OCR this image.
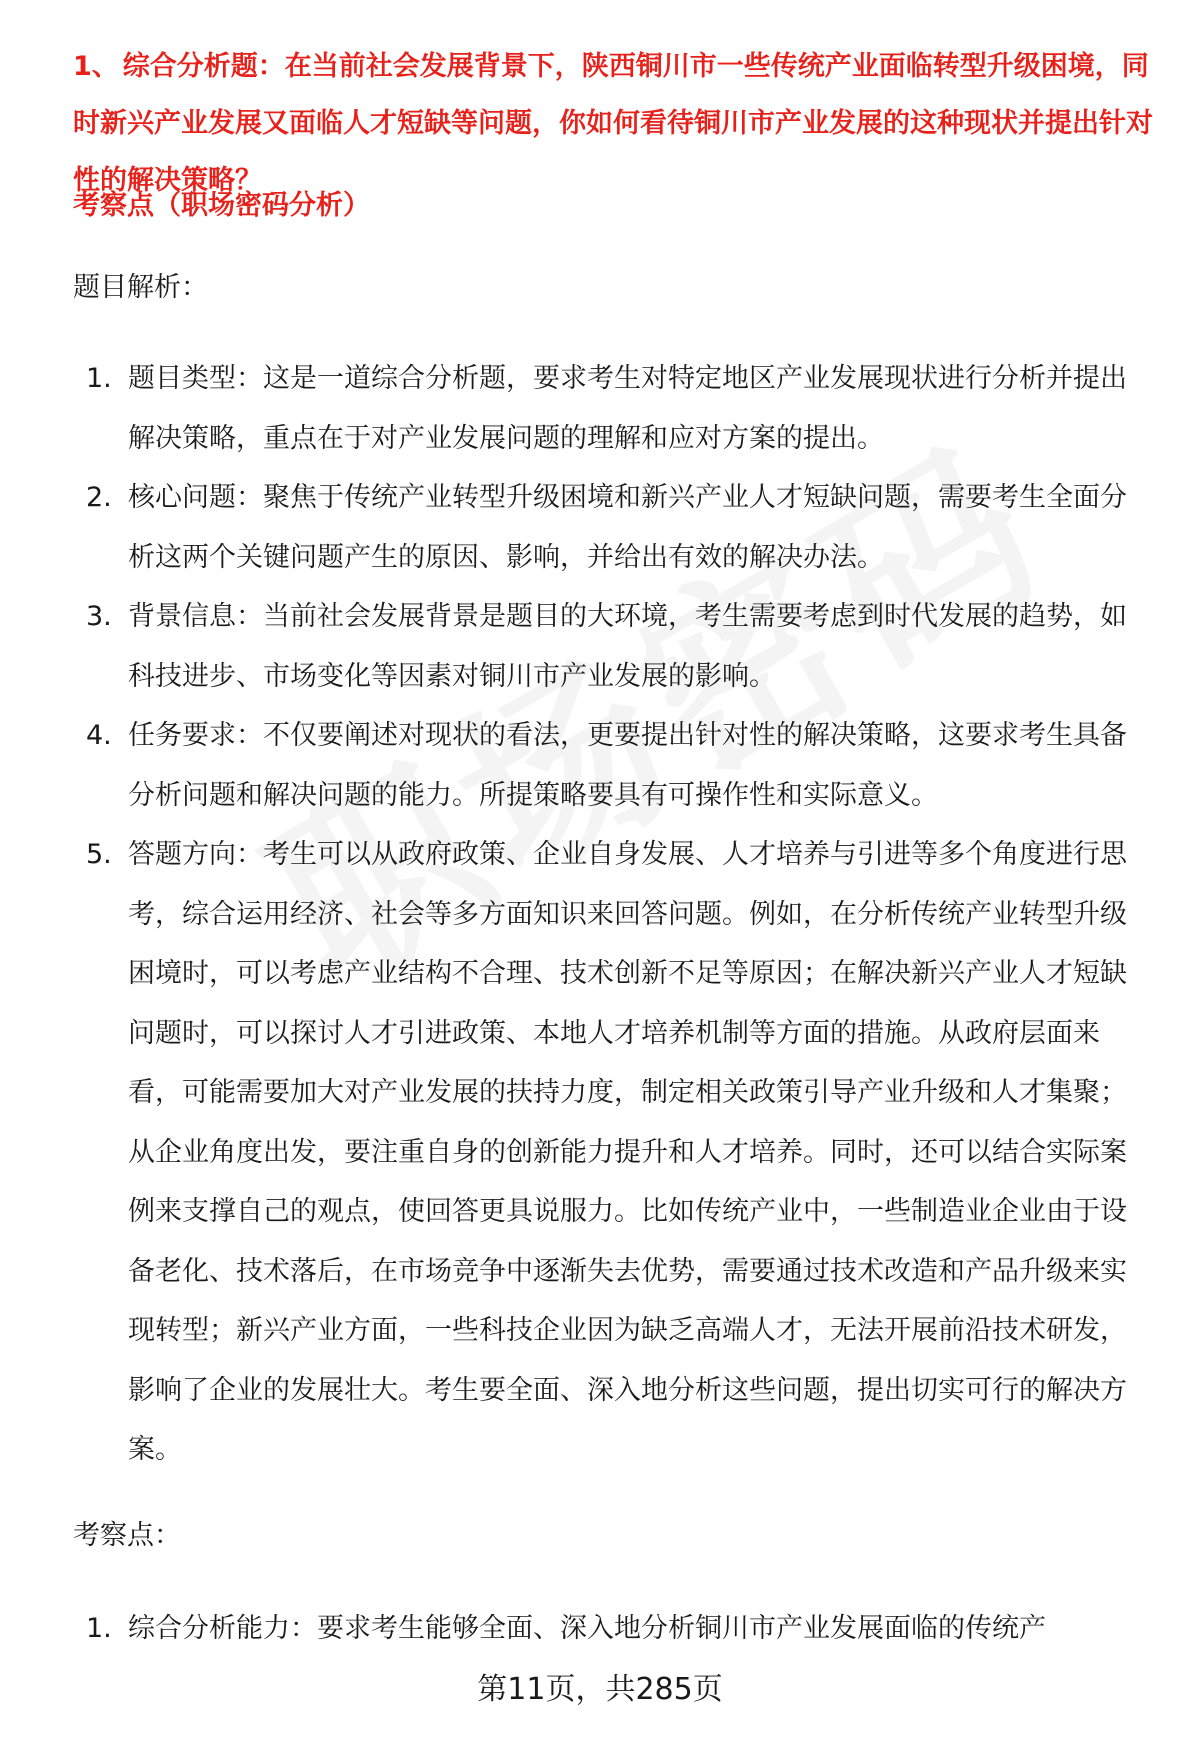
1、 综合分析题：在当前社会发展背景下，陕西铜川市一些传统产业面临转型升级困境，同时新兴产业发展又面临人才短缺等问题，你如何看待铜川市产业发展的这种现状并提出针对性的解决策略？

考察点（职场密码分析）

题目解析：

1. 题目类型：这是一道综合分析题，要求考生对特定地区产业发展现状进行分析并提出解决策略，重点在于对产业发展问题的理解和应对方案的提出。
2. 核心问题：聚焦于传统产业转型升级困境和新兴产业人才短缺问题，需要考生全面分析这两个关键问题产生的原因、影响，并给出有效的解决办法。
3. 背景信息：当前社会发展背景是题目的大环境，考生需要考虑到时代发展的趋势，如科技进步、市场变化等因素对铜川市产业发展的影响。
4. 任务要求：不仅要阐述对现状的看法，更要提出针对性的解决策略，这要求考生具备分析问题和解决问题的能力。所提策略要具有可操作性和实际意义。
5. 答题方向：考生可以从政府政策、企业自身发展、人才培养与引进等多个角度进行思考，综合运用经济、社会等多方面知识来回答问题。例如，在分析传统产业转型升级困境时，可以考虑产业结构不合理、技术创新不足等原因；在解决新兴产业人才短缺问题时，可以探讨人才引进政策、本地人才培养机制等方面的措施。从政府层面来看，可能需要加大对产业发展的扶持力度，制定相关政策引导产业升级和人才集聚；从企业角度出发，要注重自身的创新能力提升和人才培养。同时，还可以结合实际案例来支撑自己的观点，使回答更具说服力。比如传统产业中，一些制造业企业由于设备老化、技术落后，在市场竞争中逐渐失去优势，需要通过技术改造和产品升级来实现转型；新兴产业方面，一些科技企业因为缺乏高端人才，无法开展前沿技术研发，影响了企业的发展壮大。考生要全面、深入地分析这些问题，提出切实可行的解决方案。

考察点：

1. 综合分析能力：要求考生能够全面、深入地分析铜川市产业发展面临的传统产
第11页，共285页
